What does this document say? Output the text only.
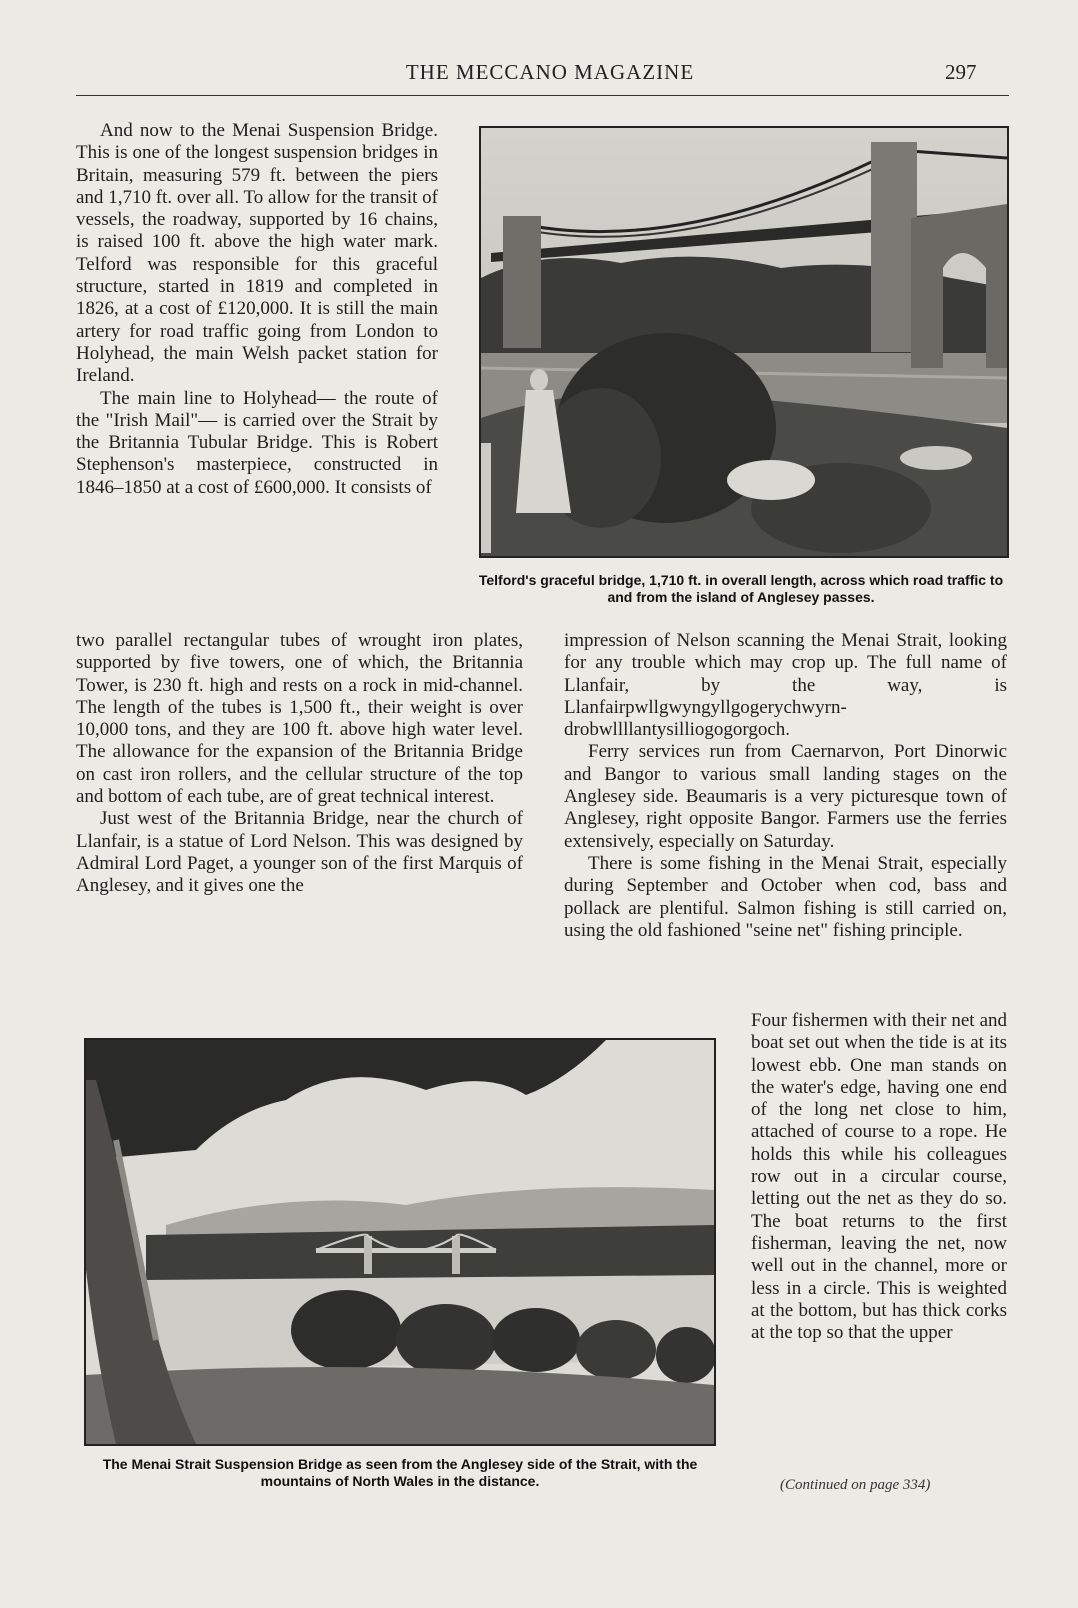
THE MECCANO MAGAZINE	297

And now to the Menai Suspension Bridge. This is one of the longest suspension bridges in Britain, measuring 579 ft. between the piers and 1,710 ft. over all. To allow for the transit of vessels, the roadway, supported by 16 chains, is raised 100 ft. above the high water mark. Telford was responsible for this graceful structure, started in 1819 and completed in 1826, at a cost of £120,000. It is still the main artery for road traffic going from London to Holyhead, the main Welsh packet station for Ireland.

The main line to Holyhead— the route of the "Irish Mail"— is carried over the Strait by the Britannia Tubular Bridge. This is Robert Stephenson's masterpiece, constructed in 1846–1850 at a cost of £600,000. It consists of

Telford's graceful bridge, 1,710 ft. in overall length, across which road traffic to and from the island of Anglesey passes.

two parallel rectangular tubes of wrought iron plates, supported by five towers, one of which, the Britannia Tower, is 230 ft. high and rests on a rock in mid-channel. The length of the tubes is 1,500 ft., their weight is over 10,000 tons, and they are 100 ft. above high water level. The allowance for the expansion of the Britannia Bridge on cast iron rollers, and the cellular structure of the top and bottom of each tube, are of great technical interest.

Just west of the Britannia Bridge, near the church of Llanfair, is a statue of Lord Nelson. This was designed by Admiral Lord Paget, a younger son of the first Marquis of Anglesey, and it gives one the

impression of Nelson scanning the Menai Strait, looking for any trouble which may crop up. The full name of Llanfair, by the way, is Llanfairpwllgwyngyllgogerychwyrn-drobwllllantysilliogogorgoch.

Ferry services run from Caernarvon, Port Dinorwic and Bangor to various small landing stages on the Anglesey side. Beaumaris is a very picturesque town of Anglesey, right opposite Bangor. Farmers use the ferries extensively, especially on Saturday.

There is some fishing in the Menai Strait, especially during September and October when cod, bass and pollack are plentiful. Salmon fishing is still carried on, using the old fashioned "seine net" fishing principle.

The Menai Strait Suspension Bridge as seen from the Anglesey side of the Strait, with the mountains of North Wales in the distance.

Four fishermen with their net and boat set out when the tide is at its lowest ebb. One man stands on the water's edge, having one end of the long net close to him, attached of course to a rope. He holds this while his colleagues row out in a circular course, letting out the net as they do so. The boat returns to the first fisherman, leaving the net, now well out in the channel, more or less in a circle. This is weighted at the bottom, but has thick corks at the top so that the upper

(Continued on page 334)
